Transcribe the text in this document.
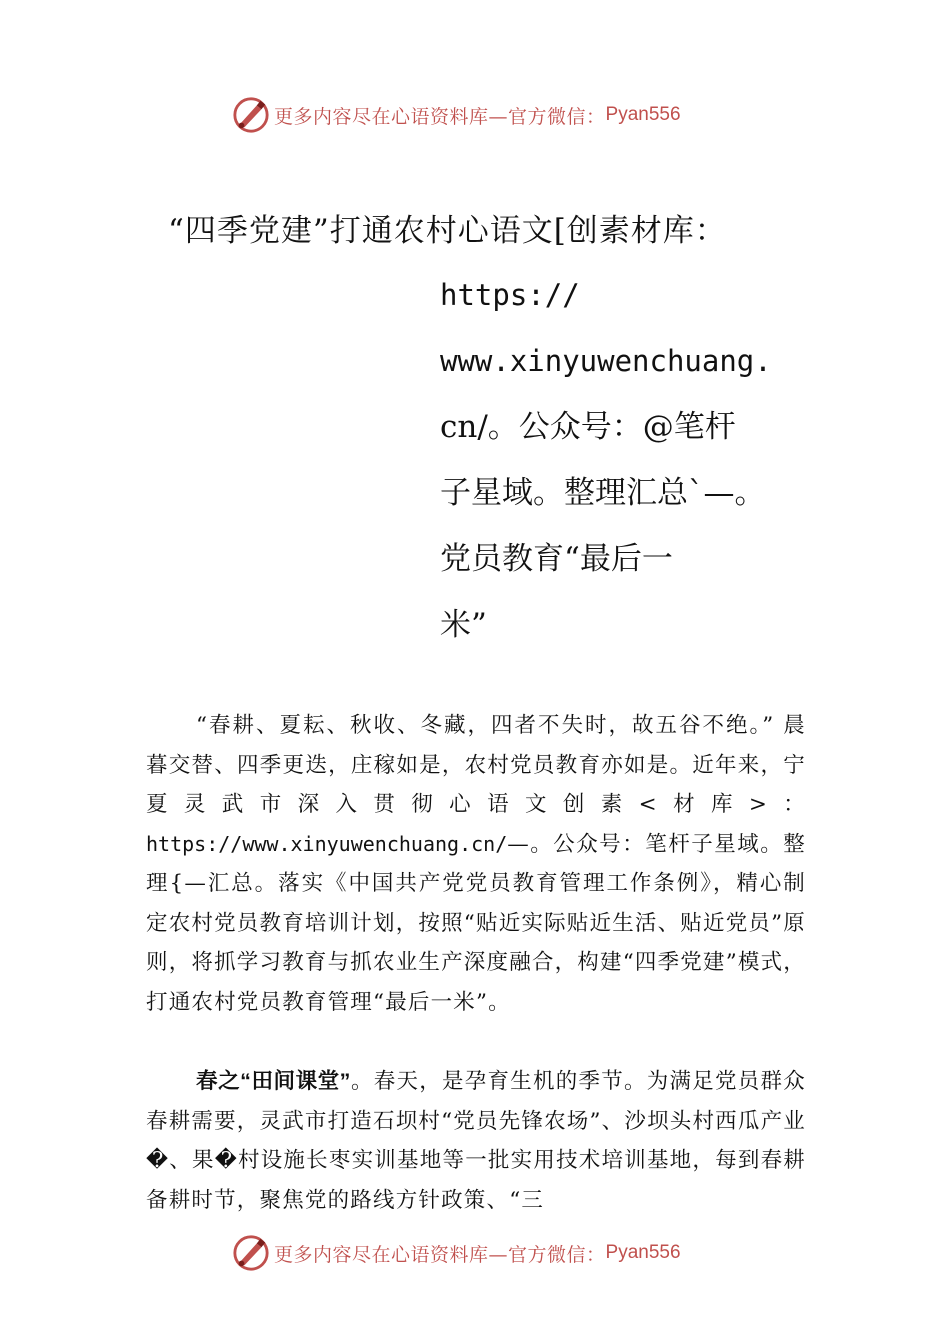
更多内容尽在心语资料库—官方微信： Pyan556
“四季党建”打通农村心语文[创素材库：
https://
www.xinyuwenchuang.
cn/。公众号：@笔杆
子星域。整理汇总`—。
党员教育“最后一
米”
“春耕、夏耘、秋收、冬藏，四者不失时，故五谷不绝。” 晨暮交替、四季更迭，庄稼如是，农村党员教育亦如是。近年来，宁夏灵武市深入贯彻心语文创素<材库>：https://www.xinyuwenchuang.cn/—。公众号：笔杆子星域。整理{—汇总。落实《中国共产党党员教育管理工作条例》，精心制定农村党员教育培训计划，按照“贴近实际贴近生活、贴近党员”原则，将抓学习教育与抓农业生产深度融合，构建“四季党建”模式，打通农村党员教育管理“最后一米”。
春之“田间课堂”。春天，是孕育生机的季节。为满足党员群众春耕需要，灵武市打造石坝村“党员先锋农场”、沙坝头村西瓜产业�、果�村设施长枣实训基地等一批实用技术培训基地，每到春耕备耕时节，聚焦党的路线方针政策、“三
更多内容尽在心语资料库—官方微信： Pyan556
